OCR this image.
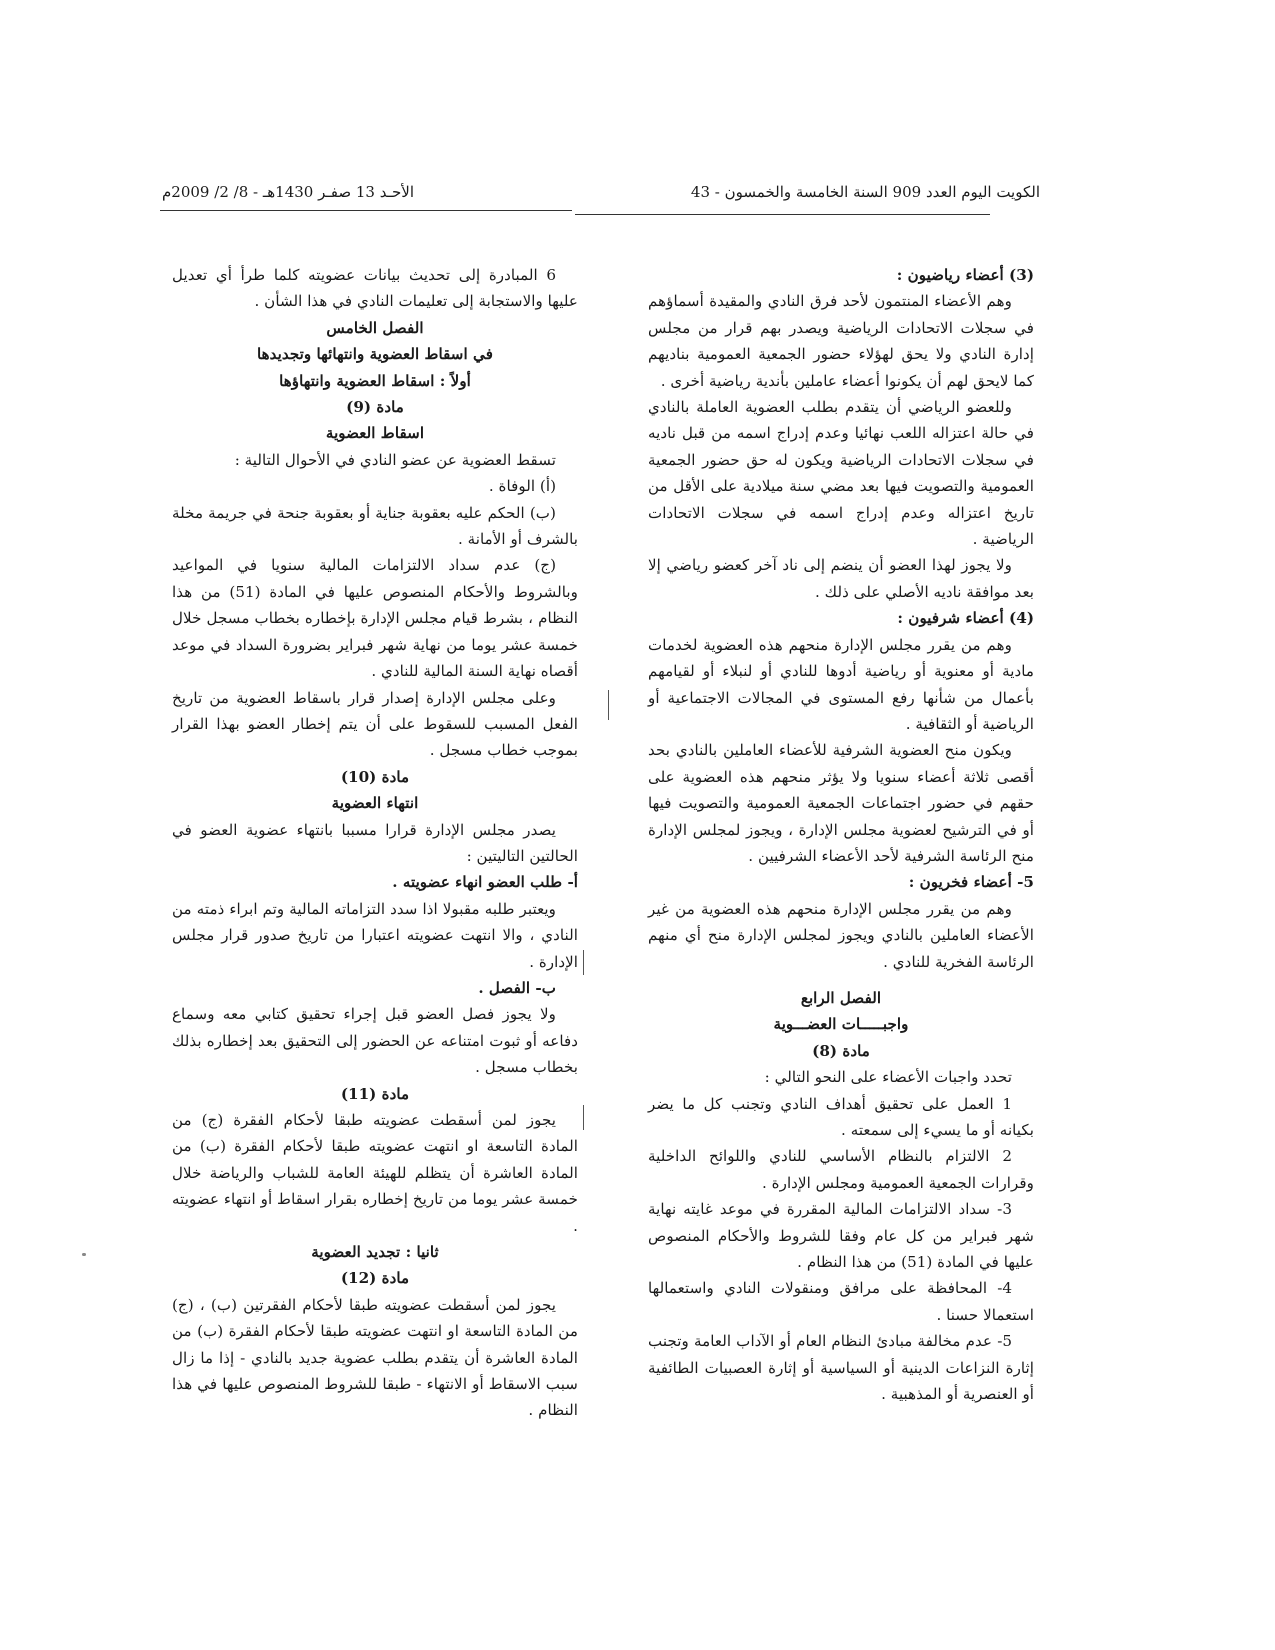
الكويت اليوم العدد 909 السنة الخامسة والخمسون - 43
الأحـد 13 صفـر 1430هـ - 8/ 2/ 2009م

(3) أعضاء رياضيون :

وهم الأعضاء المنتمون لأحد فرق النادي والمقيدة أسماؤهم في سجلات الاتحادات الرياضية ويصدر بهم قرار من مجلس إدارة النادي ولا يحق لهؤلاء حضور الجمعية العمومية بناديهم كما لايحق لهم أن يكونوا أعضاء عاملين بأندية رياضية أخرى .

وللعضو الرياضي أن يتقدم بطلب العضوية العاملة بالنادي في حالة اعتزاله اللعب نهائيا وعدم إدراج اسمه من قبل ناديه في سجلات الاتحادات الرياضية ويكون له حق حضور الجمعية العمومية والتصويت فيها بعد مضي سنة ميلادية على الأقل من تاريخ اعتزاله وعدم إدراج اسمه في سجلات الاتحادات الرياضية .

ولا يجوز لهذا العضو أن ينضم إلى ناد آخر كعضو رياضي إلا بعد موافقة ناديه الأصلي على ذلك .

(4) أعضاء شرفيون :

وهم من يقرر مجلس الإدارة منحهم هذه العضوية لخدمات مادية أو معنوية أو رياضية أدوها للنادي أو لنبلاء أو لقيامهم بأعمال من شأنها رفع المستوى في المجالات الاجتماعية أو الرياضية أو الثقافية .

ويكون منح العضوية الشرفية للأعضاء العاملين بالنادي بحد أقصى ثلاثة أعضاء سنويا ولا يؤثر منحهم هذه العضوية على حقهم في حضور اجتماعات الجمعية العمومية والتصويت فيها أو في الترشيح لعضوية مجلس الإدارة ، ويجوز لمجلس الإدارة منح الرئاسة الشرفية لأحد الأعضاء الشرفيين .

5- أعضاء فخريون :

وهم من يقرر مجلس الإدارة منحهم هذه العضوية من غير الأعضاء العاملين بالنادي ويجوز لمجلس الإدارة منح أي منهم الرئاسة الفخرية للنادي .

الفصل الرابع

واجبـــــات العضـــوية

مادة (8)

تحدد واجبات الأعضاء على النحو التالي :

1 العمل على تحقيق أهداف النادي وتجنب كل ما يضر بكيانه أو ما يسيء إلى سمعته .

2 الالتزام بالنظام الأساسي للنادي واللوائح الداخلية وقرارات الجمعية العمومية ومجلس الإدارة .

3- سداد الالتزامات المالية المقررة في موعد غايته نهاية شهر فبراير من كل عام وفقا للشروط والأحكام المنصوص عليها في المادة (51) من هذا النظام .

4- المحافظة على مرافق ومنقولات النادي واستعمالها استعمالا حسنا .

5- عدم مخالفة مبادئ النظام العام أو الآداب العامة وتجنب إثارة النزاعات الدينية أو السياسية أو إثارة العصبيات الطائفية أو العنصرية أو المذهبية .

6 المبادرة إلى تحديث بيانات عضويته كلما طرأ أي تعديل عليها والاستجابة إلى تعليمات النادي في هذا الشأن .

الفصل الخامس

في اسقاط العضوية وانتهائها وتجديدها

أولاً : اسقاط العضوية وانتهاؤها

مادة (9)

اسقاط العضوية

تسقط العضوية عن عضو النادي في الأحوال التالية :

(أ) الوفاة .

(ب) الحكم عليه بعقوبة جناية أو بعقوبة جنحة في جريمة مخلة بالشرف أو الأمانة .

(ج) عدم سداد الالتزامات المالية سنويا في المواعيد وبالشروط والأحكام المنصوص عليها في المادة (51) من هذا النظام ، بشرط قيام مجلس الإدارة بإخطاره بخطاب مسجل خلال خمسة عشر يوما من نهاية شهر فبراير بضرورة السداد في موعد أقصاه نهاية السنة المالية للنادي .

وعلى مجلس الإدارة إصدار قرار باسقاط العضوية من تاريخ الفعل المسبب للسقوط على أن يتم إخطار العضو بهذا القرار بموجب خطاب مسجل .

مادة (10)

انتهاء العضوية

يصدر مجلس الإدارة قرارا مسببا بانتهاء عضوية العضو في الحالتين التاليتين :

أ- طلب العضو انهاء عضويته .

ويعتبر طلبه مقبولا اذا سدد التزاماته المالية وتم ابراء ذمته من النادي ، والا انتهت عضويته اعتبارا من تاريخ صدور قرار مجلس الإدارة .

ب- الفصل .

ولا يجوز فصل العضو قبل إجراء تحقيق كتابي معه وسماع دفاعه أو ثبوت امتناعه عن الحضور إلى التحقيق بعد إخطاره بذلك بخطاب مسجل .

مادة (11)

يجوز لمن أسقطت عضويته طبقا لأحكام الفقرة (ج) من المادة التاسعة او انتهت عضويته طبقا لأحكام الفقرة (ب) من المادة العاشرة أن يتظلم للهيئة العامة للشباب والرياضة خلال خمسة عشر يوما من تاريخ إخطاره بقرار اسقاط أو انتهاء عضويته .

ثانيا : تجديد العضوية

مادة (12)

يجوز لمن أسقطت عضويته طبقا لأحكام الفقرتين (ب) ، (ج) من المادة التاسعة او انتهت عضويته طبقا لأحكام الفقرة (ب) من المادة العاشرة أن يتقدم بطلب عضوية جديد بالنادي - إذا ما زال سبب الاسقاط أو الانتهاء - طبقا للشروط المنصوص عليها في هذا النظام .
